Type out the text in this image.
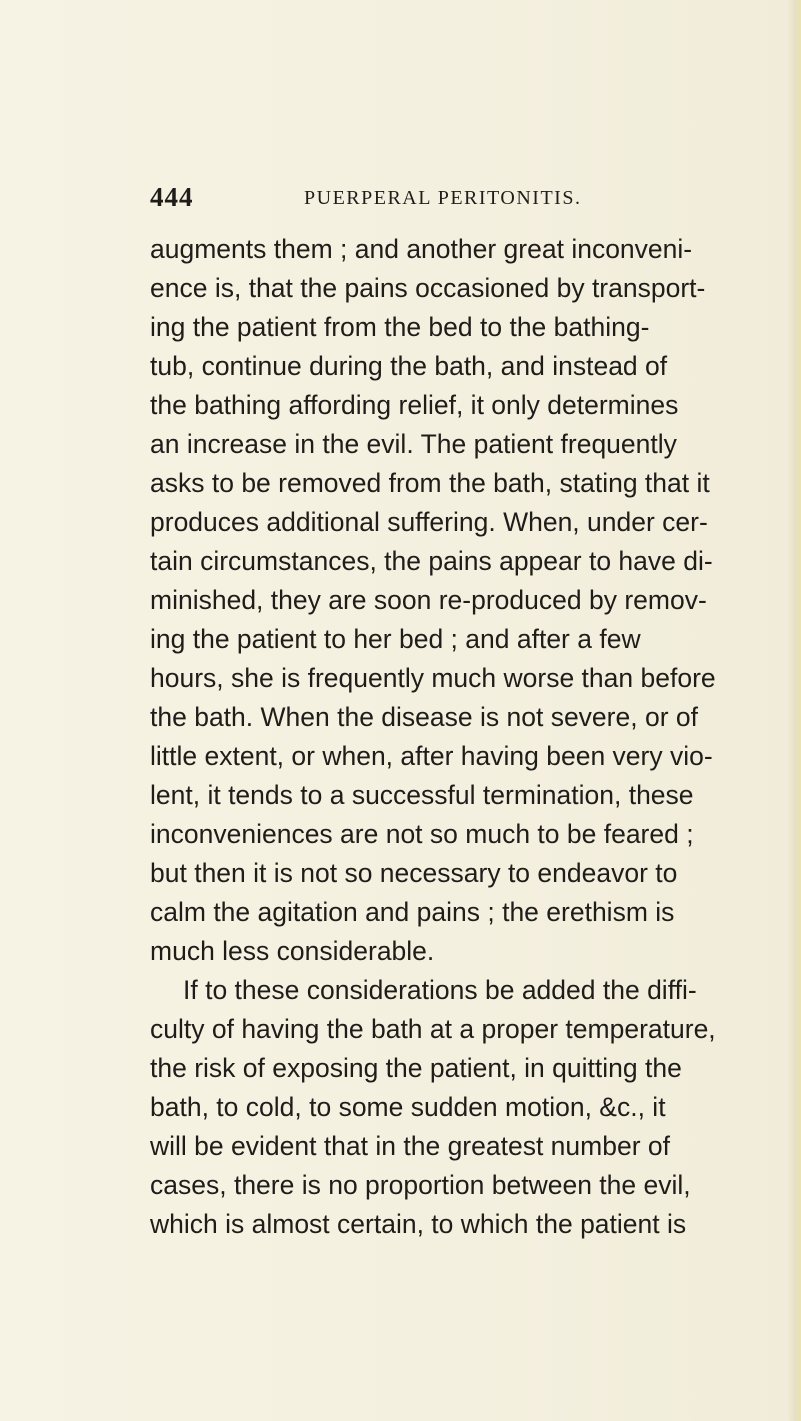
444	PUERPERAL PERITONITIS.
augments them ; and another great inconveni-
ence is, that the pains occasioned by transport-
ing the patient from the bed to the bathing-
tub, continue during the bath, and instead of
the bathing affording relief, it only determines
an increase in the evil. The patient frequently
asks to be removed from the bath, stating that it
produces additional suffering. When, under cer-
tain circumstances, the pains appear to have di-
minished, they are soon re-produced by remov-
ing the patient to her bed ; and after a few
hours, she is frequently much worse than before
the bath. When the disease is not severe, or of
little extent, or when, after having been very vio-
lent, it tends to a successful termination, these
inconveniences are not so much to be feared ;
but then it is not so necessary to endeavor to
calm the agitation and pains ; the erethism is
much less considerable.
If to these considerations be added the diffi-
culty of having the bath at a proper temperature,
the risk of exposing the patient, in quitting the
bath, to cold, to some sudden motion, &c., it
will be evident that in the greatest number of
cases, there is no proportion between the evil,
which is almost certain, to which the patient is
